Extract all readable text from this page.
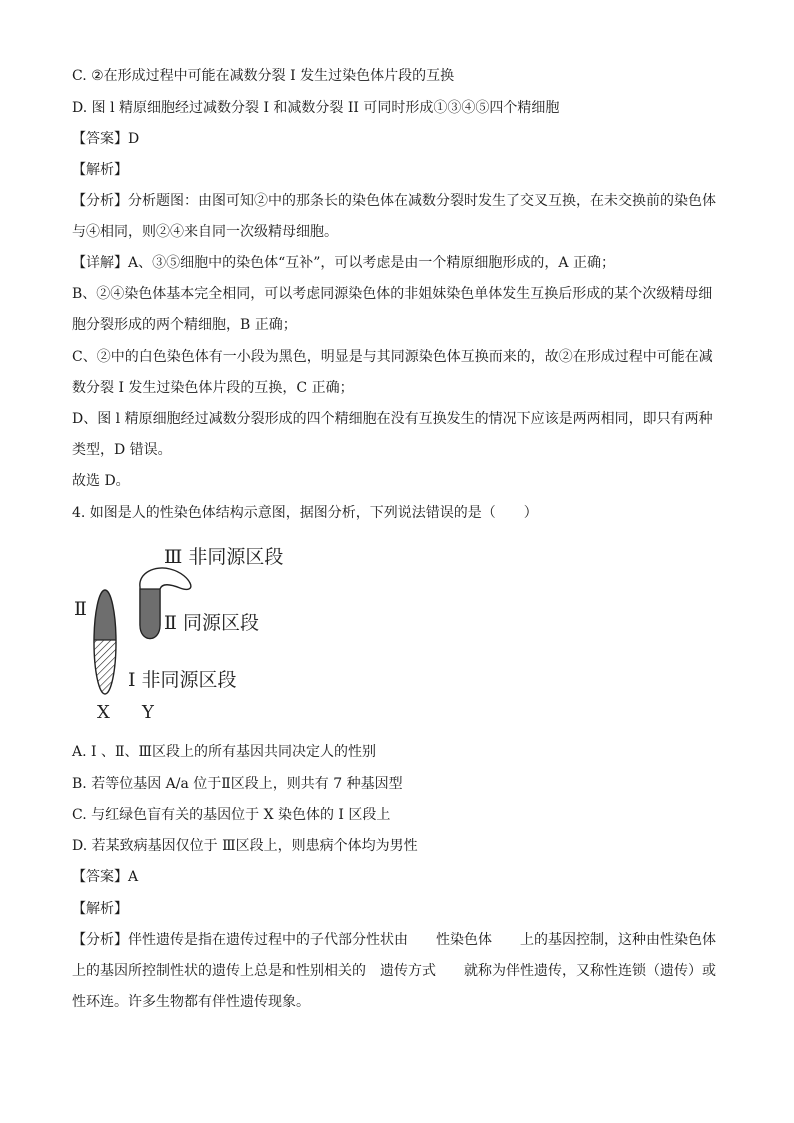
C. ②在形成过程中可能在减数分裂 I 发生过染色体片段的互换
D. 图 l 精原细胞经过减数分裂 I 和减数分裂 II 可同时形成①③④⑤四个精细胞
【答案】D
【解析】
【分析】分析题图：由图可知②中的那条长的染色体在减数分裂时发生了交叉互换，在未交换前的染色体
与④相同，则②④来自同一次级精母细胞。
【详解】A、③⑤细胞中的染色体“互补”，可以考虑是由一个精原细胞形成的，A 正确；
B、②④染色体基本完全相同，可以考虑同源染色体的非姐妹染色单体发生互换后形成的某个次级精母细
胞分裂形成的两个精细胞，B 正确；
C、②中的白色染色体有一小段为黑色，明显是与其同源染色体互换而来的，故②在形成过程中可能在减
数分裂 I 发生过染色体片段的互换，C 正确；
D、图 l 精原细胞经过减数分裂形成的四个精细胞在没有互换发生的情况下应该是两两相同，即只有两种
类型，D 错误。
故选 D。
4. 如图是人的性染色体结构示意图，据图分析，下列说法错误的是（　　）
Ⅲ 非同源区段
Ⅱ 同源区段
Ⅱ
Ⅰ 非同源区段
X Y
A. Ⅰ 、Ⅱ、Ⅲ区段上的所有基因共同决定人的性别
B. 若等位基因 A/a 位于Ⅱ区段上，则共有 7 种基因型
C. 与红绿色盲有关的基因位于 X 染色体的 I 区段上
D. 若某致病基因仅位于 Ⅲ区段上，则患病个体均为男性
【答案】A
【解析】
【分析】伴性遗传是指在遗传过程中的子代部分性状由　　性染色体　　上的基因控制，这种由性染色体
上的基因所控制性状的遗传上总是和性别相关的　遗传方式　　就称为伴性遗传，又称性连锁（遗传）或
性环连。许多生物都有伴性遗传现象。
